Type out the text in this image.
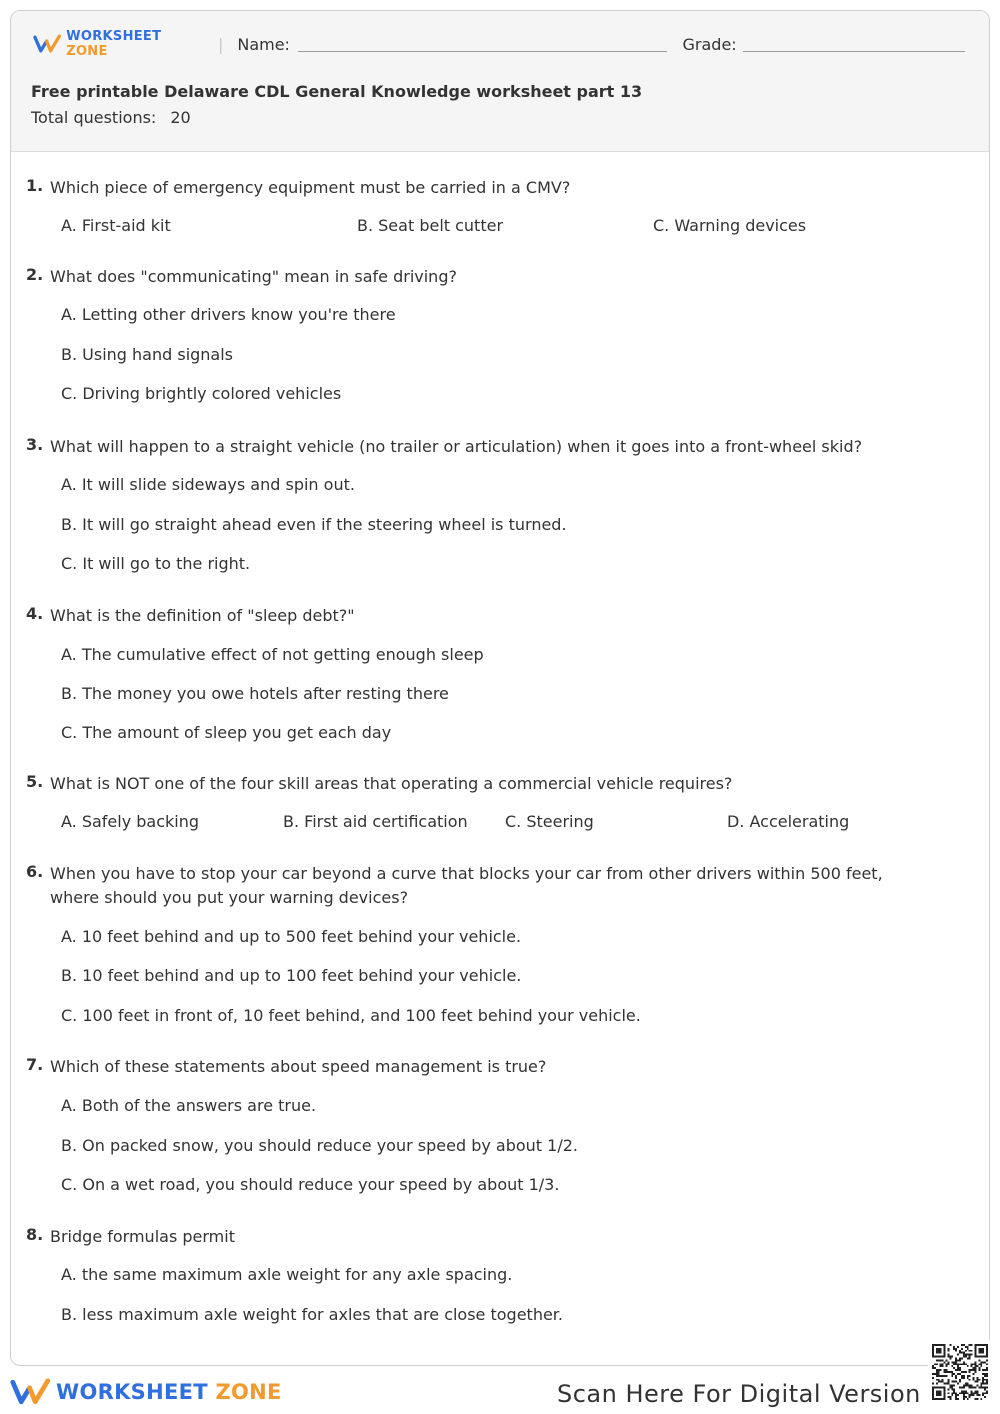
WORKSHEET ZONE	| Name:	Grade:
Free printable Delaware CDL General Knowledge worksheet part 13
Total questions: 20
1. Which piece of emergency equipment must be carried in a CMV?
A. First-aid kit	B. Seat belt cutter	C. Warning devices
2. What does "communicating" mean in safe driving?
A. Letting other drivers know you're there
B. Using hand signals
C. Driving brightly colored vehicles
3. What will happen to a straight vehicle (no trailer or articulation) when it goes into a front-wheel skid?
A. It will slide sideways and spin out.
B. It will go straight ahead even if the steering wheel is turned.
C. It will go to the right.
4. What is the definition of "sleep debt?"
A. The cumulative effect of not getting enough sleep
B. The money you owe hotels after resting there
C. The amount of sleep you get each day
5. What is NOT one of the four skill areas that operating a commercial vehicle requires?
A. Safely backing	B. First aid certification C. Steering	D. Accelerating
6. When you have to stop your car beyond a curve that blocks your car from other drivers within 500 feet, where should you put your warning devices?
A. 10 feet behind and up to 500 feet behind your vehicle.
B. 10 feet behind and up to 100 feet behind your vehicle.
C. 100 feet in front of, 10 feet behind, and 100 feet behind your vehicle.
7. Which of these statements about speed management is true?
A. Both of the answers are true.
B. On packed snow, you should reduce your speed by about 1/2.
C. On a wet road, you should reduce your speed by about 1/3.
8. Bridge formulas permit
A. the same maximum axle weight for any axle spacing.
B. less maximum axle weight for axles that are close together.
WORKSHEET ZONE	Scan Here For Digital Version
